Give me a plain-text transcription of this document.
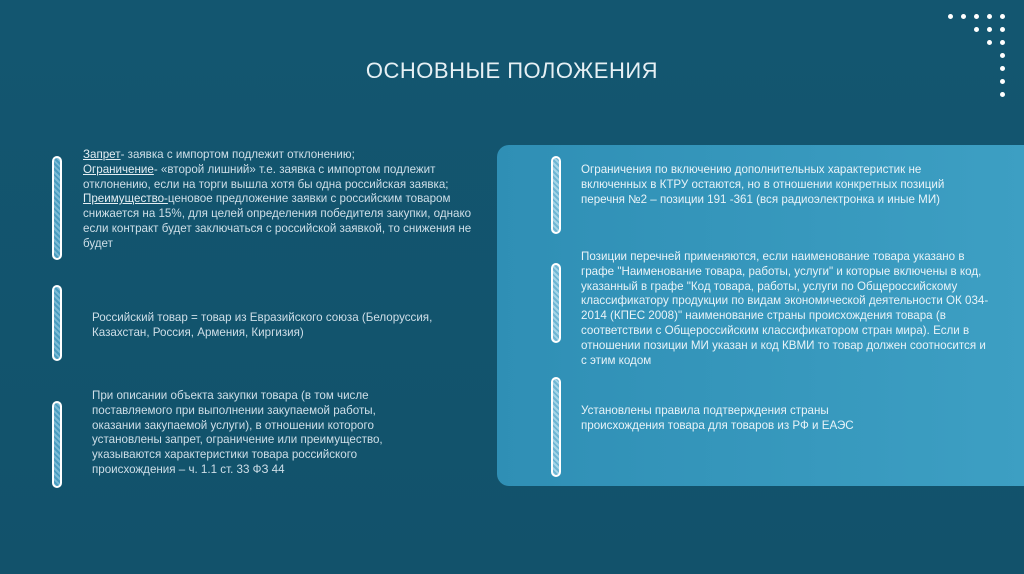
ОСНОВНЫЕ ПОЛОЖЕНИЯ

Запрет- заявка с импортом подлежит отклонению;

Ограничение- «второй лишний» т.е. заявка с импортом подлежит отклонению, если на торги вышла хотя бы одна российская заявка;

Преимущество-ценовое предложение заявки с российским товаром снижается на 15%, для целей определения победителя закупки, однако если контракт будет заключаться с российской заявкой, то снижения не будет

Российский товар = товар из Евразийского союза (Белоруссия, Казахстан, Россия, Армения, Киргизия)
При описании объекта закупки товара (в том числе поставляемого при выполнении закупаемой работы, оказании закупаемой услуги), в отношении которого установлены запрет, ограничение или преимущество, указываются характеристики товара российского происхождения – ч. 1.1 ст. 33 ФЗ 44
Ограничения по включению дополнительных характеристик не включенных в КТРУ остаются, но в отношении конкретных позиций перечня №2 – позиции 191 -361 (вся радиоэлектронка и иные МИ)
Позиции перечней применяются, если наименование товара указано в графе "Наименование товара, работы, услуги" и которые включены в код, указанный в графе "Код товара, работы, услуги по Общероссийскому классификатору продукции по видам экономической деятельности ОК 034-2014 (КПЕС 2008)" наименование страны происхождения товара (в соответствии с Общероссийским классификатором стран мира). Если в отношении позиции МИ указан и код КВМИ то товар должен соотносится и с этим кодом
Установлены правила подтверждения страны происхождения товара для товаров из РФ и ЕАЭС
